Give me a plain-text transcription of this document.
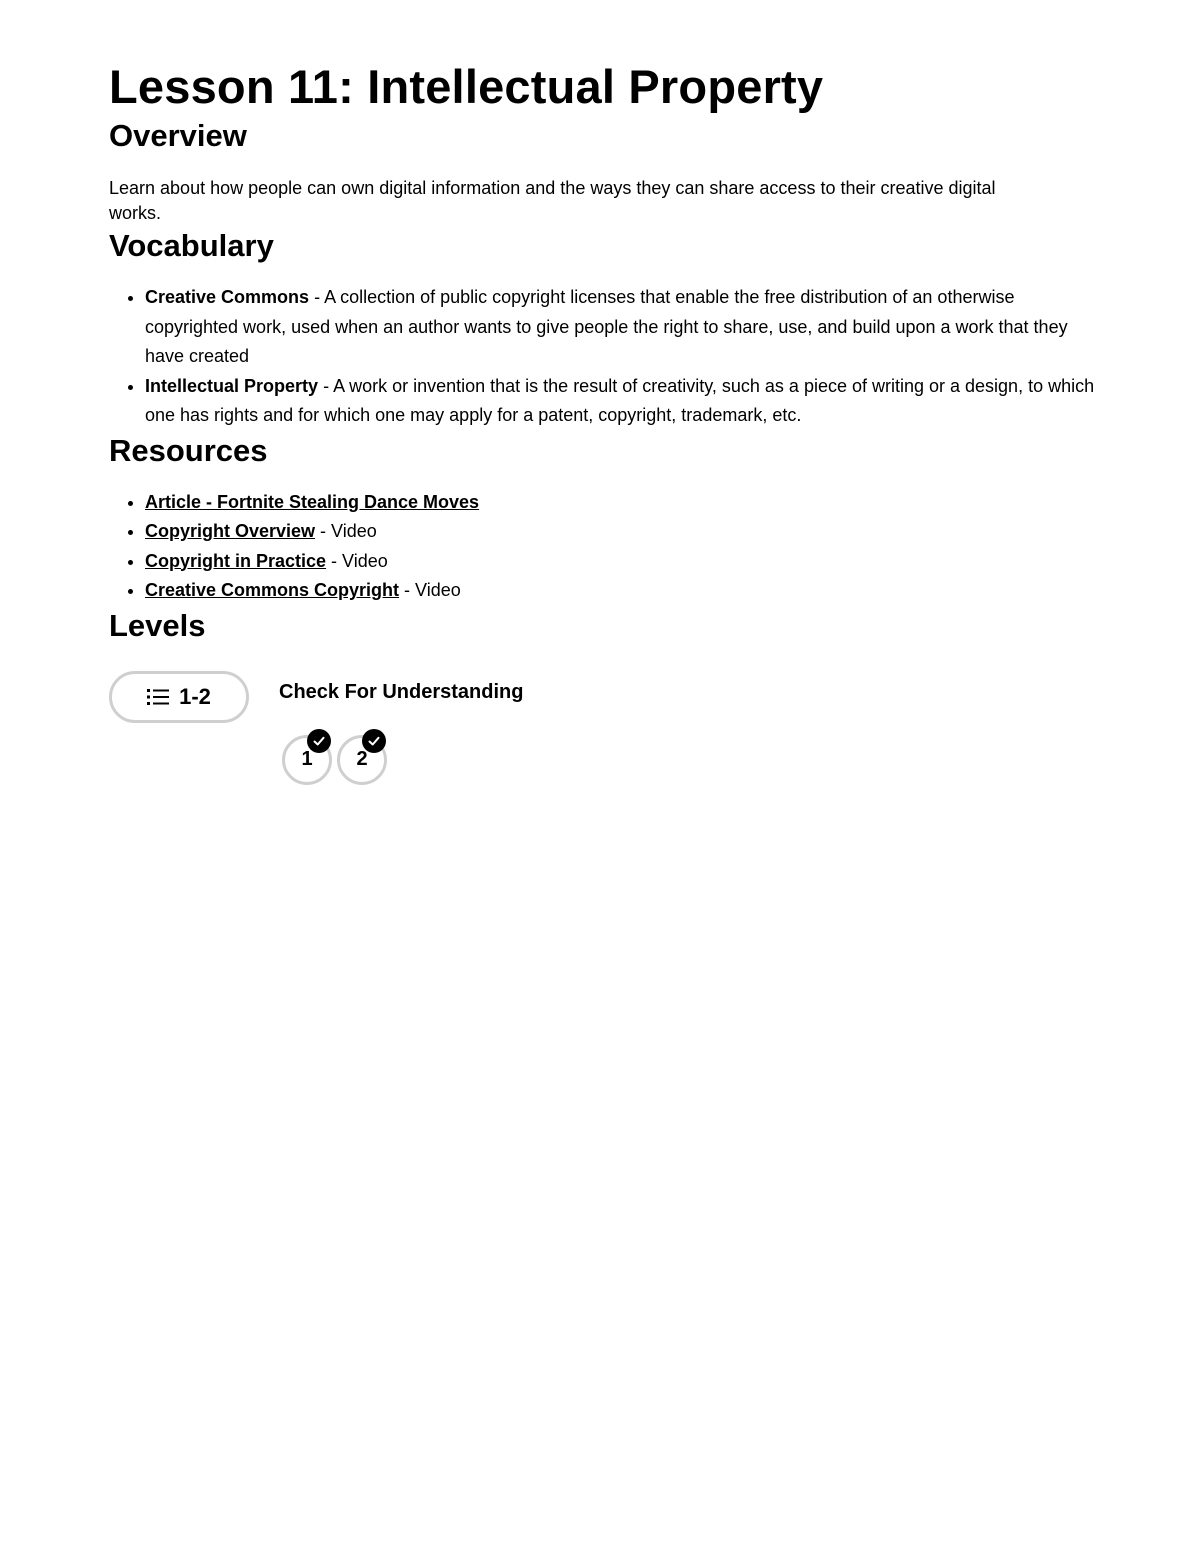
Lesson 11: Intellectual Property
Overview

Learn about how people can own digital information and the ways they can share access to their creative digital works.

Vocabulary
• Creative Commons - A collection of public copyright licenses that enable the free distribution of an otherwise copyrighted work, used when an author wants to give people the right to share, use, and build upon a work that they have created
• Intellectual Property - A work or invention that is the result of creativity, such as a piece of writing or a design, to which one has rights and for which one may apply for a patent, copyright, trademark, etc.
Resources
• Article - Fortnite Stealing Dance Moves
• Copyright Overview - Video
• Copyright in Practice - Video
• Creative Commons Copyright - Video
Levels
1-2	Check For Understanding
1 2
